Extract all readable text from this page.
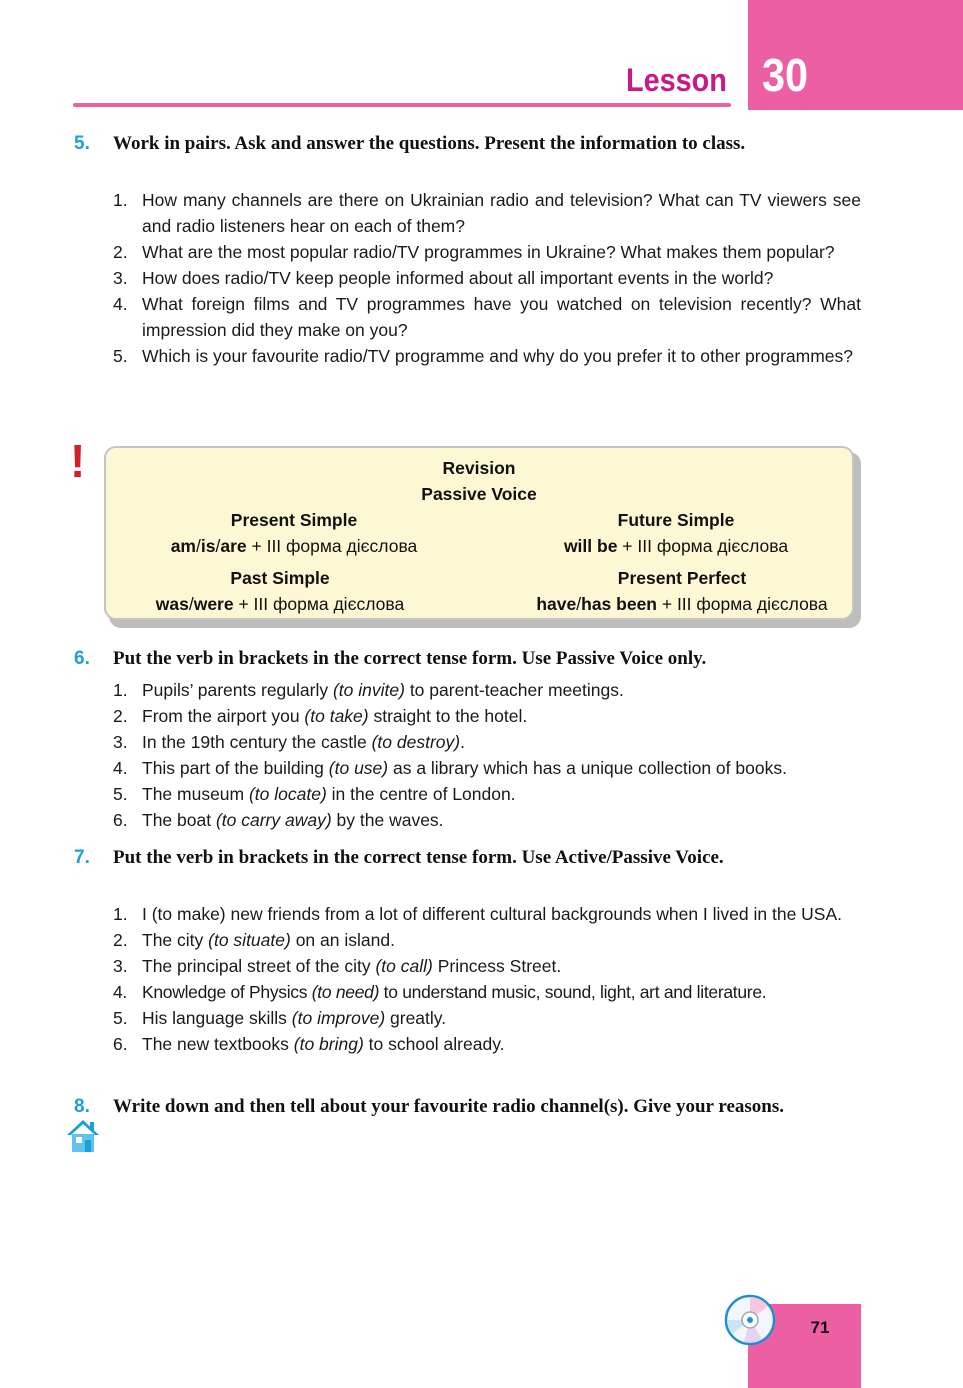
30
Lesson
5. Work in pairs. Ask and answer the questions. Present the information to class.
1. How many channels are there on Ukrainian radio and television? What can TV viewers see and radio listeners hear on each of them?
2. What are the most popular radio/TV programmes in Ukraine? What makes them popular?
3. How does radio/TV keep people informed about all important events in the world?
4. What foreign films and TV programmes have you watched on television recently? What impression did they make on you?
5. Which is your favourite radio/TV programme and why do you prefer it to other programmes?
!	Revision
Passive Voice
Present Simple
am/is/are + III форма дієслова
Future Simple
will be + III форма дієслова
Past Simple
was/were + III форма дієслова
Present Perfect
have/has been + III форма дієслова
6. Put the verb in brackets in the correct tense form. Use Passive Voice only.
1. Pupils’ parents regularly (to invite) to parent-teacher meetings.
2. From the airport you (to take) straight to the hotel.
3. In the 19th century the castle (to destroy).
4. This part of the building (to use) as a library which has a unique collection of books.
5. The museum (to locate) in the centre of London.
6. The boat (to carry away) by the waves.
7. Put the verb in brackets in the correct tense form. Use Active/Passive Voice.
1. I (to make) new friends from a lot of different cultural backgrounds when I lived in the USA.
2. The city (to situate) on an island.
3. The principal street of the city (to call) Princess Street.
4. Knowledge of Physics (to need) to understand music, sound, light, art and literature.
5. His language skills (to improve) greatly.
6. The new textbooks (to bring) to school already.
8. Write down and then tell about your favourite radio channel(s). Give your reasons.
71
